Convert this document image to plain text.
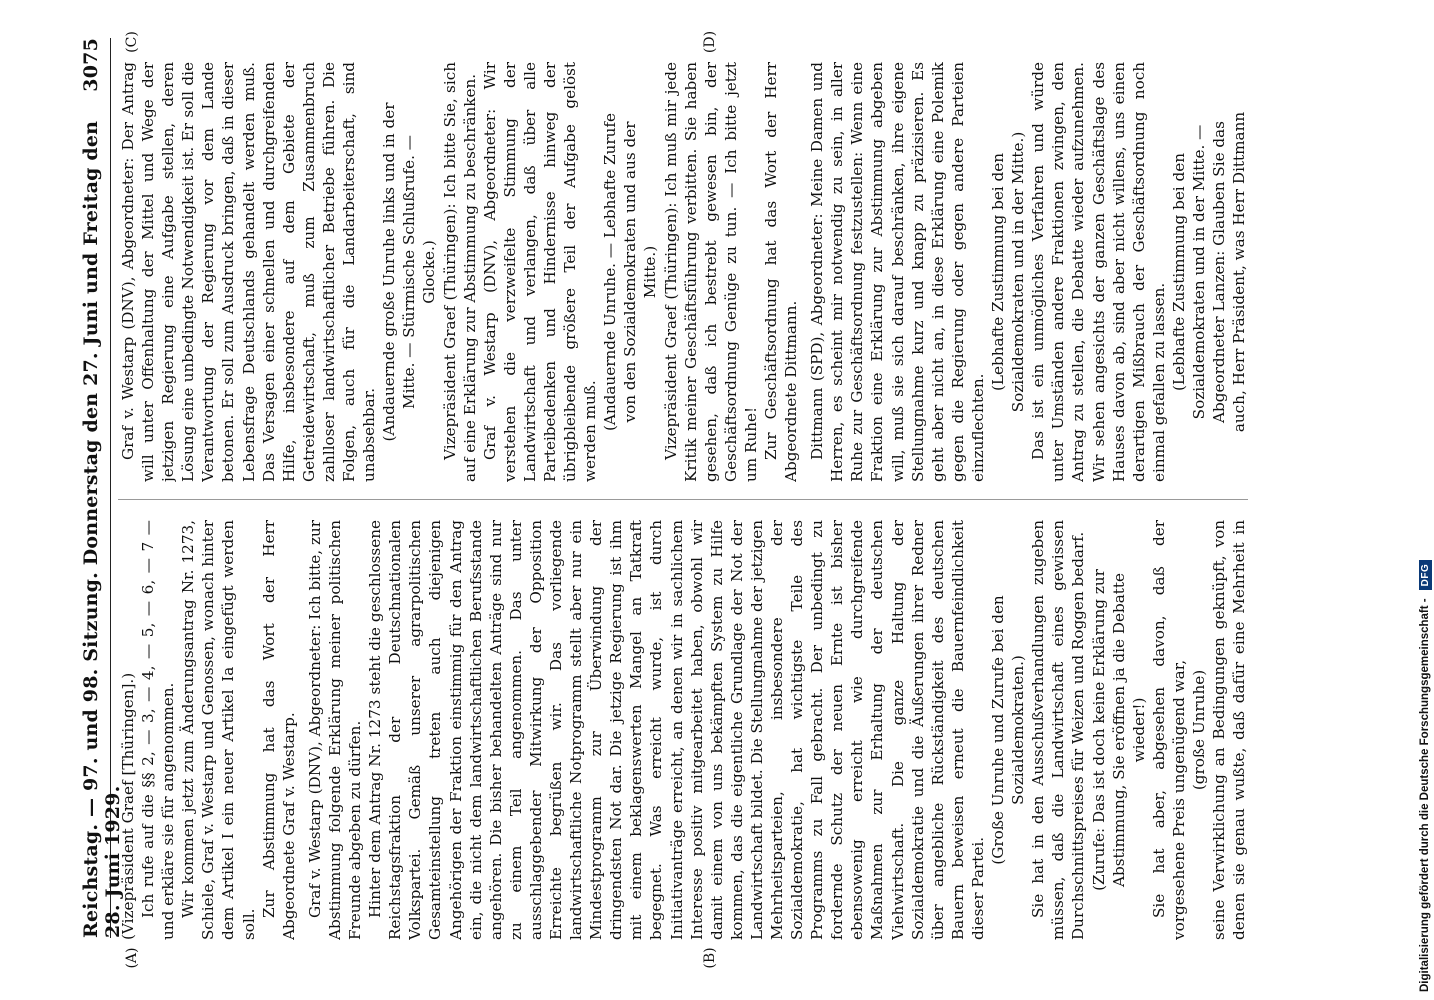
Reichstag. — 97. und 98. Sitzung. Donnerstag den 27. Juni und Freitag den 28. Juni 1929.
3075
(A)	(B)
(C)	(D)

(Vizepräsident Graef [Thüringen].) Ich rufe auf die §§ 2, — 3, — 4, — 5, — 6, — 7 — und erkläre sie für angenommen. Wir kommen jetzt zum Änderungsantrag Nr. 1273, Schiele, Graf v. Westarp und Genossen, wonach hinter dem Artikel I ein neuer Artikel Ia eingefügt werden soll.

Zur Abstimmung hat das Wort der Herr Abgeordnete Graf v. Westarp. Graf v. Westarp (DNV), Abgeordneter: Ich bitte, zur Abstimmung folgende Erklärung meiner politischen Freunde abgeben zu dürfen. Hinter dem Antrag Nr. 1273 steht die geschlossene Reichstagsfraktion der Deutschnationalen Volkspartei. Gemäß unserer agrarpolitischen Gesamteinstellung treten auch diejenigen Angehörigen der Fraktion einstimmig für den Antrag ein, die nicht dem landwirtschaftlichen Berufsstande angehören. Die bisher behandelten Anträge sind nur zu einem Teil angenommen. Das unter ausschlaggebender Mitwirkung der Opposition Erreichte begrüßen wir. Das vorliegende landwirtschaftliche Notprogramm stellt aber nur ein Mindestprogramm zur Überwindung der dringendsten Not dar. Die jetzige Regierung ist ihm mit einem beklagenswerten Mangel an Tatkraft begegnet. Was erreicht wurde, ist durch Initiativanträge erreicht, an denen wir in sachlichem Interesse positiv mitgearbeitet haben, obwohl wir damit einem von uns bekämpften System zu Hilfe kommen, das die eigentliche Grundlage der Not der Landwirtschaft bildet. Die Stellungnahme der jetzigen Mehrheitsparteien, insbesondere der Sozialdemokratie, hat wichtigste Teile des Programms zu Fall gebracht. Der unbedingt zu fordernde Schutz der neuen Ernte ist bisher ebensowenig erreicht wie durchgreifende Maßnahmen zur Erhaltung der deutschen Viehwirtschaft. Die ganze Haltung der Sozialdemokratie und die Äußerungen ihrer Redner über angebliche Rückständigkeit des deutschen Bauern beweisen erneut die Bauernfeindlichkeit dieser Partei.

(Große Unruhe und Zurufe bei den Sozialdemokraten.) Sie hat in den Ausschußverhandlungen zugeben müssen, daß die Landwirtschaft eines gewissen Durchschnittspreises für Weizen und Roggen bedarf. (Zurufe: Das ist doch keine Erklärung zur Abstimmung, Sie eröffnen ja die Debatte wieder!) Sie hat aber, abgesehen davon, daß der vorgesehene Preis ungenügend war, (große Unruhe)

seine Verwirklichung an Bedingungen geknüpft, von denen sie genau wußte, daß dafür eine Mehrheit in

Graf v. Westarp (DNV), Abgeordneter: Der Antrag will unter Offenhaltung der Mittel und Wege der jetzigen Regierung eine Aufgabe stellen, deren Lösung eine unbedingte Notwendigkeit ist. Er soll die Verantwortung der Regierung vor dem Lande betonen. Er soll zum Ausdruck bringen, daß in dieser Lebensfrage Deutschlands gehandelt werden muß. Das Versagen einer schnellen und durchgreifenden Hilfe, insbesondere auf dem Gebiete der Getreidewirtschaft, muß zum Zusammenbruch zahlloser landwirtschaftlicher Betriebe führen. Die Folgen, auch für die Landarbeiterschaft, sind unabsehbar. (Andauernde große Unruhe links und in der Mitte. — Stürmische Schlußrufe. — Glocke.) Vizepräsident Graef (Thüringen): Ich bitte Sie, sich auf eine Erklärung zur Abstimmung zu beschränken. Graf v. Westarp (DNV), Abgeordneter: Wir verstehen die verzweifelte Stimmung der Landwirtschaft und verlangen, daß über alle Parteibedenken und Hindernisse hinweg der übrigbleibende größere Teil der Aufgabe gelöst werden muß.

(Andauernde Unruhe. — Lebhafte Zurufe von den Sozialdemokraten und aus der Mitte.) Vizepräsident Graef (Thüringen): Ich muß mir jede Kritik meiner Geschäftsführung verbitten. Sie haben gesehen, daß ich bestrebt gewesen bin, der Geschäftsordnung Genüge zu tun. — Ich bitte jetzt um Ruhe! Zur Geschäftsordnung hat das Wort der Herr Abgeordnete Dittmann. Dittmann (SPD), Abgeordneter: Meine Damen und Herren, es scheint mir notwendig zu sein, in aller Ruhe zur Geschäftsordnung festzustellen: Wenn eine Fraktion eine Erklärung zur Abstimmung abgeben will, muß sie sich darauf beschränken, ihre eigene Stellungnahme kurz und knapp zu präzisieren. Es geht aber nicht an, in diese Erklärung eine Polemik gegen die Regierung oder gegen andere Parteien einzuflechten.

(Lebhafte Zustimmung bei den Sozialdemokraten und in der Mitte.) Das ist ein unmögliches Verfahren und würde unter Umständen andere Fraktionen zwingen, den Antrag zu stellen, die Debatte wieder aufzunehmen. Wir sehen angesichts der ganzen Geschäftslage des Hauses davon ab, sind aber nicht willens, uns einen derartigen Mißbrauch der Geschäftsordnung noch einmal gefallen zu lassen. (Lebhafte Zustimmung bei den Sozialdemokraten und in der Mitte. — Abgeordneter Lanzen: Glauben Sie das auch, Herr Präsident, was Herr Dittmann

Digitalisierung gefördert durch die Deutsche Forschungsgemeinschaft -
DFG
